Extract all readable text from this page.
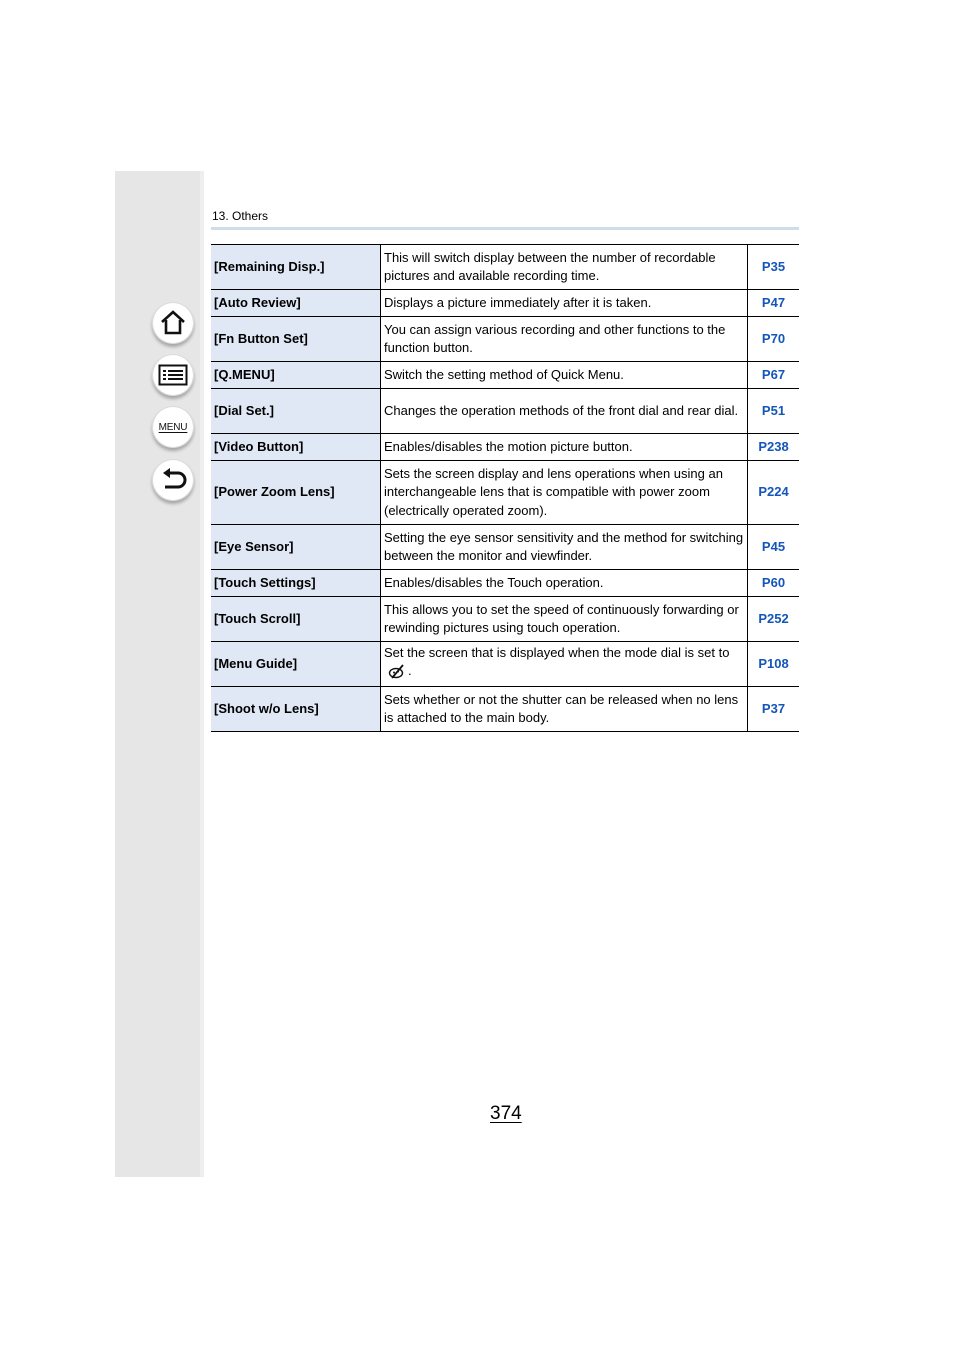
MENU
13. Others
[Remaining Disp.]	This will switch display between the number of recordable pictures and available recording time.	P35
[Auto Review]	Displays a picture immediately after it is taken.	P47
[Fn Button Set]	You can assign various recording and other functions to the function button.	P70
[Q.MENU]	Switch the setting method of Quick Menu.	P67
[Dial Set.]	Changes the operation methods of the front dial and rear dial.	P51
[Video Button]	Enables/disables the motion picture button.	P238
[Power Zoom Lens]	Sets the screen display and lens operations when using an interchangeable lens that is compatible with power zoom (electrically operated zoom).	P224
[Eye Sensor]	Setting the eye sensor sensitivity and the method for switching between the monitor and viewfinder.	P45
[Touch Settings]	Enables/disables the Touch operation.	P60
[Touch Scroll]	This allows you to set the speed of continuously forwarding or rewinding pictures using touch operation.	P252
[Menu Guide]	Set the screen that is displayed when the mode dial is set to.	P108
[Shoot w/o Lens]	Sets whether or not the shutter can be released when no lens is attached to the main body.	P37
374
